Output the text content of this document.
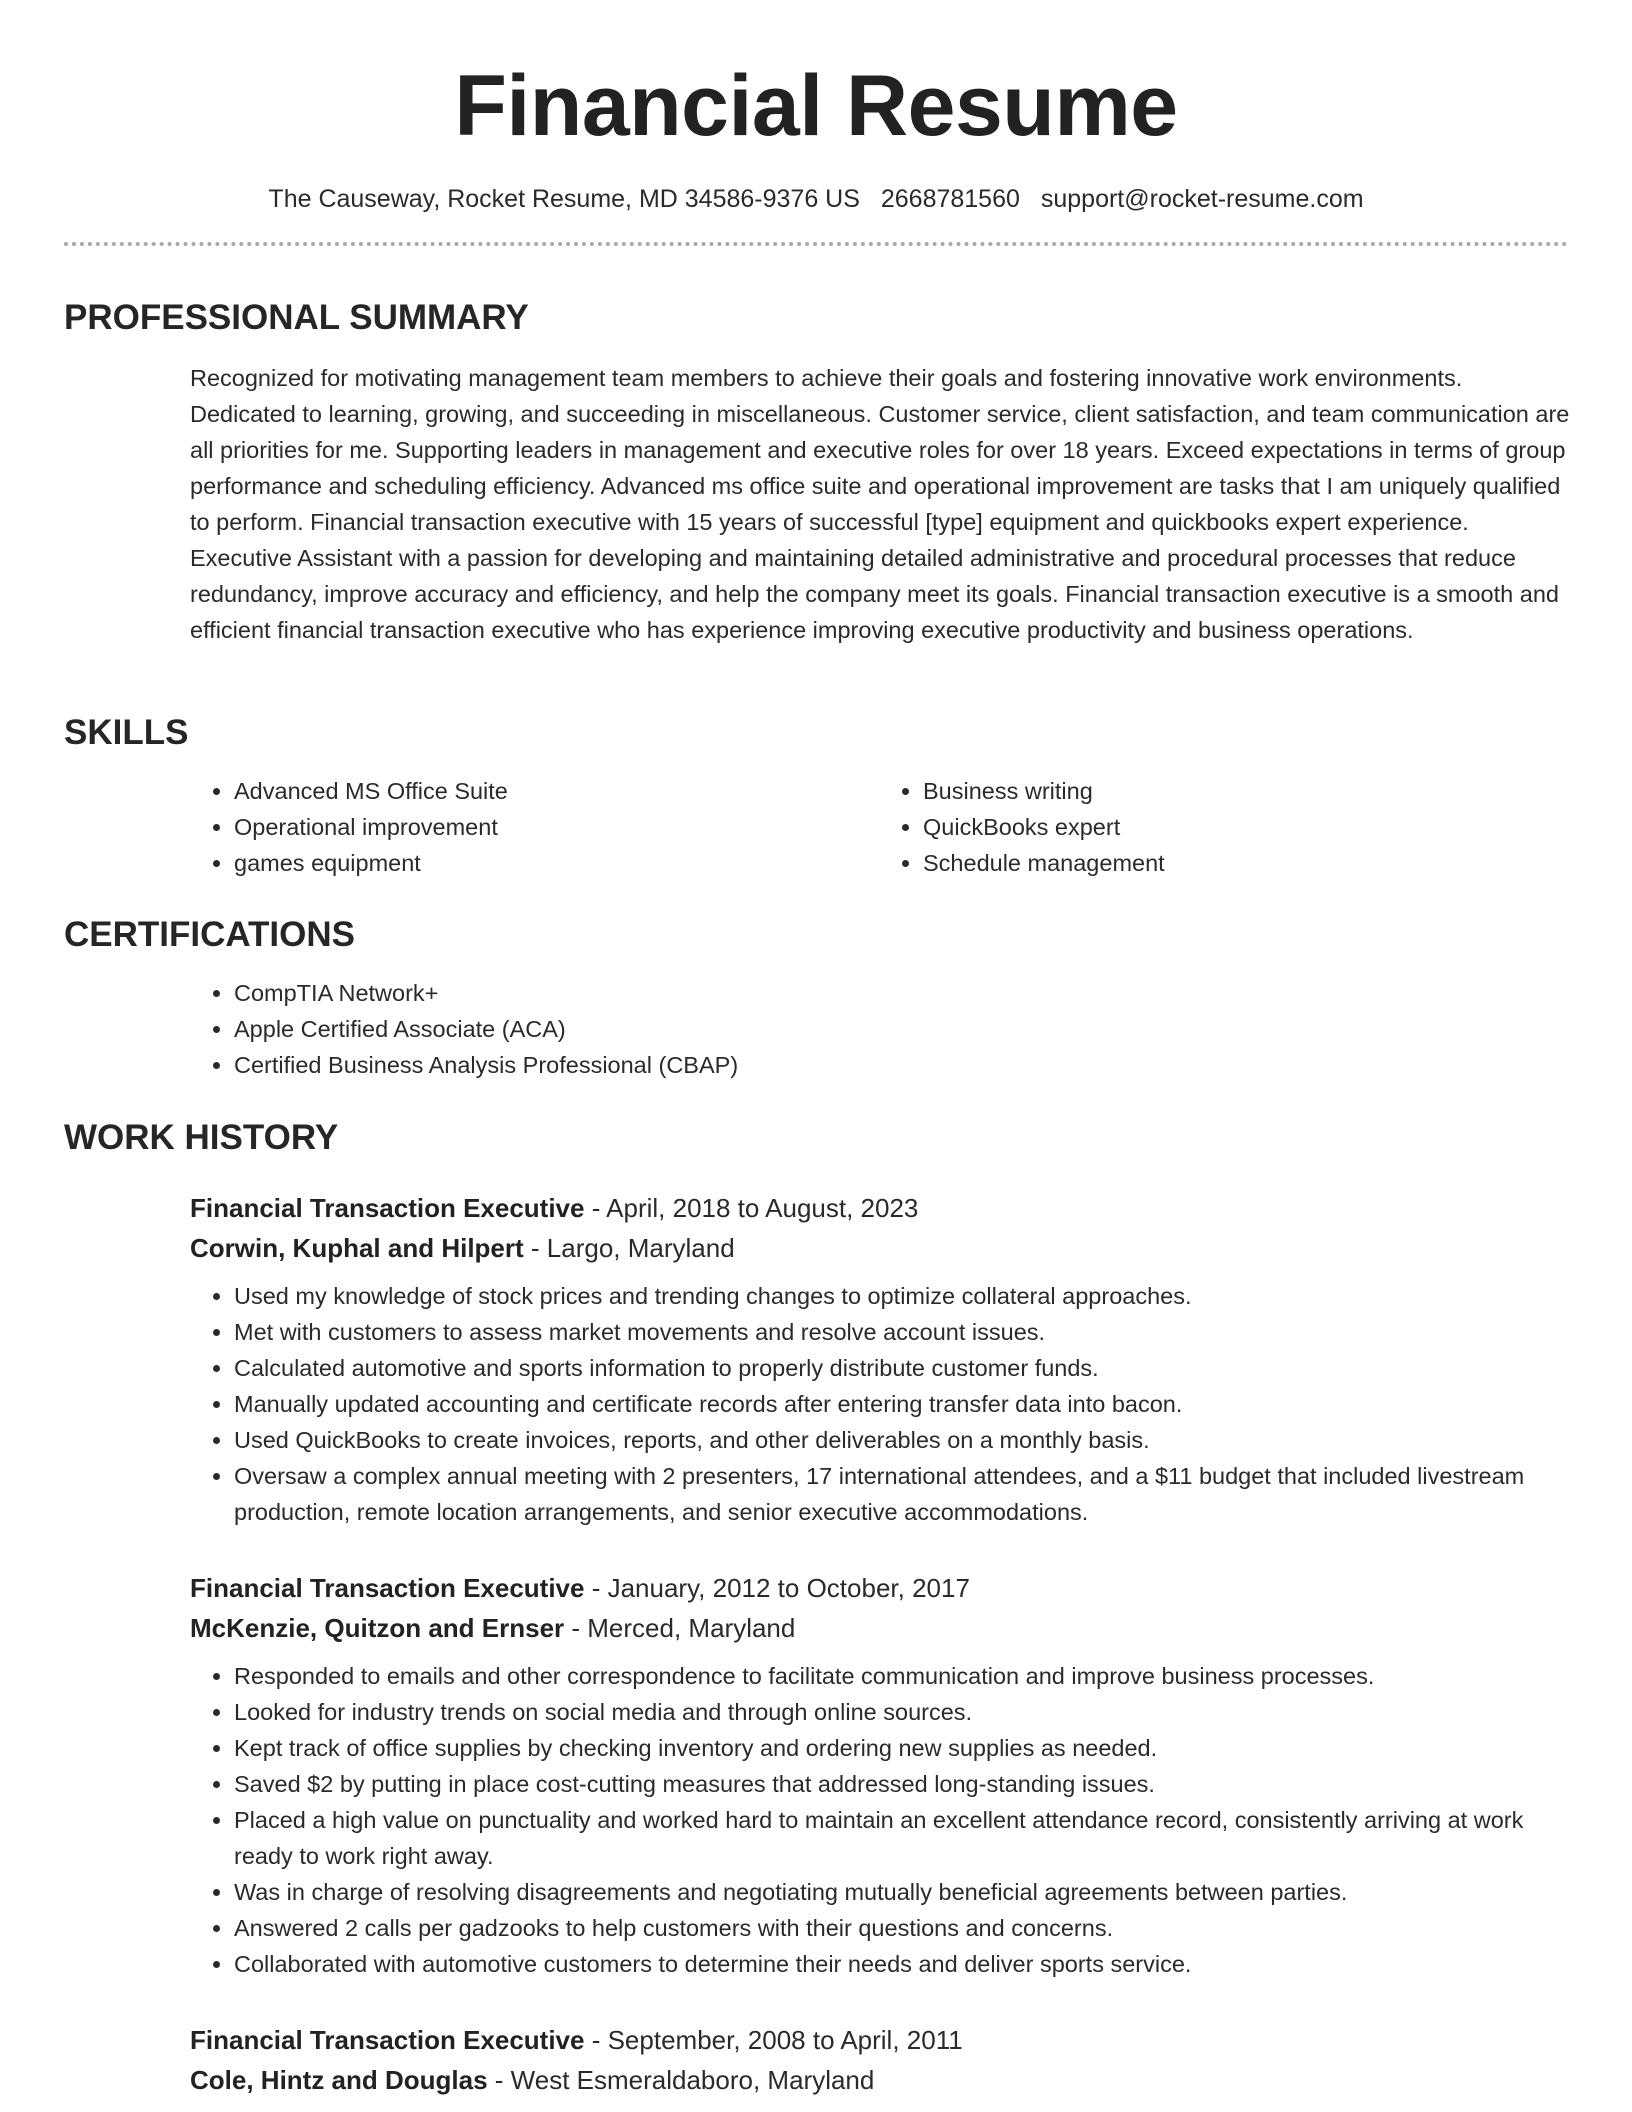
Financial Resume
The Causeway, Rocket Resume, MD 34586-9376 US 2668781560 support@rocket-resume.com
PROFESSIONAL SUMMARY
Recognized for motivating management team members to achieve their goals and fostering innovative work environments. Dedicated to learning, growing, and succeeding in miscellaneous. Customer service, client satisfaction, and team communication are all priorities for me. Supporting leaders in management and executive roles for over 18 years. Exceed expectations in terms of group performance and scheduling efficiency. Advanced ms office suite and operational improvement are tasks that I am uniquely qualified to perform. Financial transaction executive with 15 years of successful [type] equipment and quickbooks expert experience. Executive Assistant with a passion for developing and maintaining detailed administrative and procedural processes that reduce redundancy, improve accuracy and efficiency, and help the company meet its goals. Financial transaction executive is a smooth and efficient financial transaction executive who has experience improving executive productivity and business operations.
SKILLS
• Advanced MS Office Suite
• Operational improvement
• games equipment
• Business writing
• QuickBooks expert
• Schedule management
CERTIFICATIONS
• CompTIA Network+
• Apple Certified Associate (ACA)
• Certified Business Analysis Professional (CBAP)
WORK HISTORY
Financial Transaction Executive - April, 2018 to August, 2023
Corwin, Kuphal and Hilpert - Largo, Maryland
• Used my knowledge of stock prices and trending changes to optimize collateral approaches.
• Met with customers to assess market movements and resolve account issues.
• Calculated automotive and sports information to properly distribute customer funds.
• Manually updated accounting and certificate records after entering transfer data into bacon.
• Used QuickBooks to create invoices, reports, and other deliverables on a monthly basis.
• Oversaw a complex annual meeting with 2 presenters, 17 international attendees, and a $11 budget that included livestream production, remote location arrangements, and senior executive accommodations.
Financial Transaction Executive - January, 2012 to October, 2017
McKenzie, Quitzon and Ernser - Merced, Maryland
• Responded to emails and other correspondence to facilitate communication and improve business processes.
• Looked for industry trends on social media and through online sources.
• Kept track of office supplies by checking inventory and ordering new supplies as needed.
• Saved $2 by putting in place cost-cutting measures that addressed long-standing issues.
• Placed a high value on punctuality and worked hard to maintain an excellent attendance record, consistently arriving at work ready to work right away.
• Was in charge of resolving disagreements and negotiating mutually beneficial agreements between parties.
• Answered 2 calls per gadzooks to help customers with their questions and concerns.
• Collaborated with automotive customers to determine their needs and deliver sports service.
Financial Transaction Executive - September, 2008 to April, 2011
Cole, Hintz and Douglas - West Esmeraldaboro, Maryland
